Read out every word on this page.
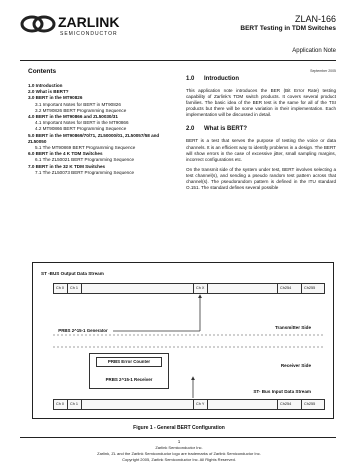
ZARLINK
SEMICONDUCTOR
ZLAN-166
BERT Testing in TDM Switches
Application Note
September 2005
Contents
1.0 Introduction
2.0 What is BERT?
3.0 BERT in the MT90826
3.1 Important Notes for BERT in MT90826
3.2 MT90826 BERT Programming Sequence
4.0 BERT in the MT90866 and ZL50030/31
4.1 Important Notes for BERT in the MT90866
4.2 MT90866 BERT Programming Sequence
5.0 BERT in the MT90869/70/71, ZL50000/01, ZL50057/58 and ZL50050
5.1 The MT90869 BERT Programming Sequence
6.0 BERT in the 4 K TDM Switches
6.1 The ZL50021 BERT Programming Sequence
7.0 BERT in the 32 K TDM Switches
7.1 The ZL50073 BERT Programming Sequence
1.0 Introduction

This application note introduces the BER (Bit Error Rate) testing capability of Zarlink's TDM switch products. It covers several product families. The basic idea of the BER test is the same for all of the TSI products but there will be some variation in their implementation. Each implementation will be discussed in detail.

2.0 What is BERT?

BERT is a test that serves the purpose of testing the voice or data channels. It is an efficient way to identify problems in a design. The BERT will show errors in the case of excessive jitter, small sampling margins, incorrect configurations etc.

On the transmit side of the system under test, BERT involves selecting a test channel(s), and sending a pseudo random test pattern across that channel(s). The pseudorandom pattern is defined in the ITU standard O.151. The standard defines several possible

ST -BUS Output Data Stream
Ch 0	Ch 1	Ch X	Ch254	Ch255
PRBS 2^15-1 Generator
Transmitter Side
PRBS Error Counter
PRBS 2^15-1 Receiver
Receiver Side
ST- Bus Input Data Stream
Ch 0	Ch 1	Ch Y	Ch254	Ch255
Figure 1 - General BERT Configuration
1
Zarlink Semiconductor Inc.
Zarlink, ZL and the Zarlink Semiconductor logo are trademarks of Zarlink Semiconductor Inc.
Copyright 2005, Zarlink Semiconductor Inc. All Rights Reserved.
